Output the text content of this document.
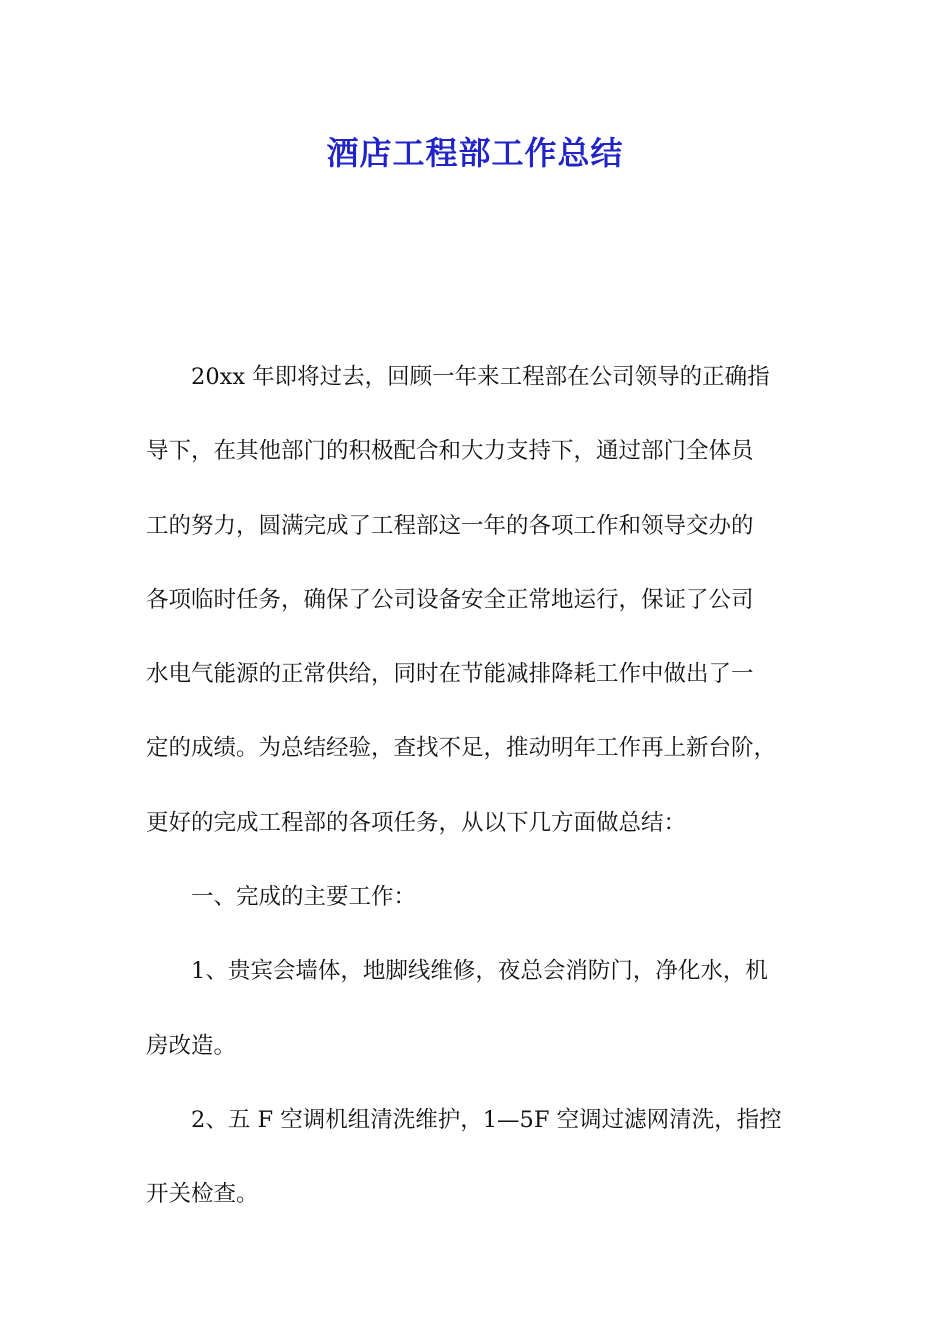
酒店工程部工作总结
20xx 年即将过去，回顾一年来工程部在公司领导的正确指
导下，在其他部门的积极配合和大力支持下，通过部门全体员
工的努力，圆满完成了工程部这一年的各项工作和领导交办的
各项临时任务，确保了公司设备安全正常地运行，保证了公司
水电气能源的正常供给，同时在节能减排降耗工作中做出了一
定的成绩。为总结经验，查找不足，推动明年工作再上新台阶，
更好的完成工程部的各项任务，从以下几方面做总结：
一、完成的主要工作：
1、贵宾会墙体，地脚线维修，夜总会消防门，净化水，机
房改造。
2、五 F 空调机组清洗维护，1—5F 空调过滤网清洗，指控
开关检查。
